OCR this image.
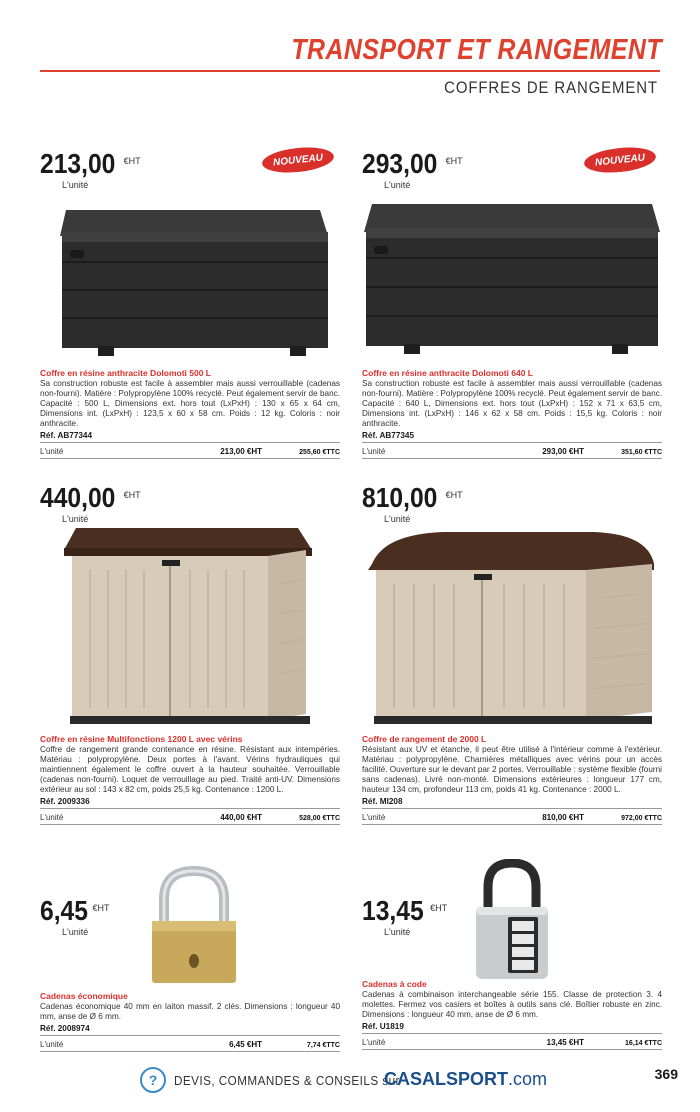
TRANSPORT ET RANGEMENT
COFFRES DE RANGEMENT
213,00 $^{€HT}$
L'unité
NOUVEAU
Coffre en résine anthracite Dolomoti 500 L
Sa construction robuste est facile à assembler mais aussi verrouillable (cadenas non-fourni). Matière : Polypropylène 100% recyclé. Peut également servir de banc. Capacité : 500 L, Dimensions ext. hors tout (LxPxH) : 130 x 65 x 64 cm, Dimensions int. (LxPxH) : 123,5 x 60 x 58 cm. Poids : 12 kg. Coloris : noir anthracite.
Réf. AB77344
L'unité	213,00 €HT	255,60 €TTC
293,00 $^{€HT}$
L'unité
NOUVEAU
Coffre en résine anthracite Dolomoti 640 L
Sa construction robuste est facile à assembler mais aussi verrouillable (cadenas non-fourni). Matière : Polypropylène 100% recyclé. Peut également servir de banc. Capacité : 640 L, Dimensions ext. hors tout (LxPxH) : 152 x 71 x 63,5 cm, Dimensions int. (LxPxH) : 146 x 62 x 58 cm. Poids : 15,5 kg. Coloris : noir anthracite.
Réf. AB77345
L'unité	293,00 €HT	351,60 €TTC
440,00 $^{€HT}$
L'unité
Coffre en résine Multifonctions 1200 L avec vérins
Coffre de rangement grande contenance en résine. Résistant aux intempéries. Matériau : polypropylène. Deux portes à l'avant. Vérins hydrauliques qui maintiennent également le coffre ouvert à la hauteur souhaitée. Verrouillable (cadenas non-fourni). Loquet de verrouillage au pied. Traité anti-UV. Dimensions extérieur au sol : 143 x 82 cm, poids 25,5 kg. Contenance : 1200 L.
Réf. 2009336
L'unité	440,00 €HT	528,00 €TTC
810,00 $^{€HT}$
L'unité
Coffre de rangement de 2000 L
Résistant aux UV et étanche, il peut être utilisé à l'intérieur comme à l'extérieur. Matériau : polypropylène. Charnières métalliques avec vérins pour un accès facilité. Ouverture sur le devant par 2 portes. Verrouillable : système flexible (fourni sans cadenas). Livré non-monté. Dimensions extérieures : longueur 177 cm, hauteur 134 cm, profondeur 113 cm, poids 41 kg. Contenance : 2000 L.
Réf. MI208
L'unité	810,00 €HT	972,00 €TTC
6,45 $^{€HT}$
L'unité
Cadenas économique
Cadenas économique 40 mm en laiton massif. 2 clés. Dimensions : longueur 40 mm, anse de Ø 6 mm.
Réf. 2008974
L'unité	6,45 €HT	7,74 €TTC
13,45 $^{€HT}$
L'unité
Cadenas à code
Cadenas à combinaison interchangeable série 155. Classe de protection 3. 4 molettes. Fermez vos casiers et boîtes à outils sans clé. Boîtier robuste en zinc. Dimensions : longueur 40 mm, anse de Ø 6 mm.
Réf. U1819
L'unité	13,45 €HT	16,14 €TTC
?	DEVIS, COMMANDES & CONSEILS sur
CASALSPORT.com	369
